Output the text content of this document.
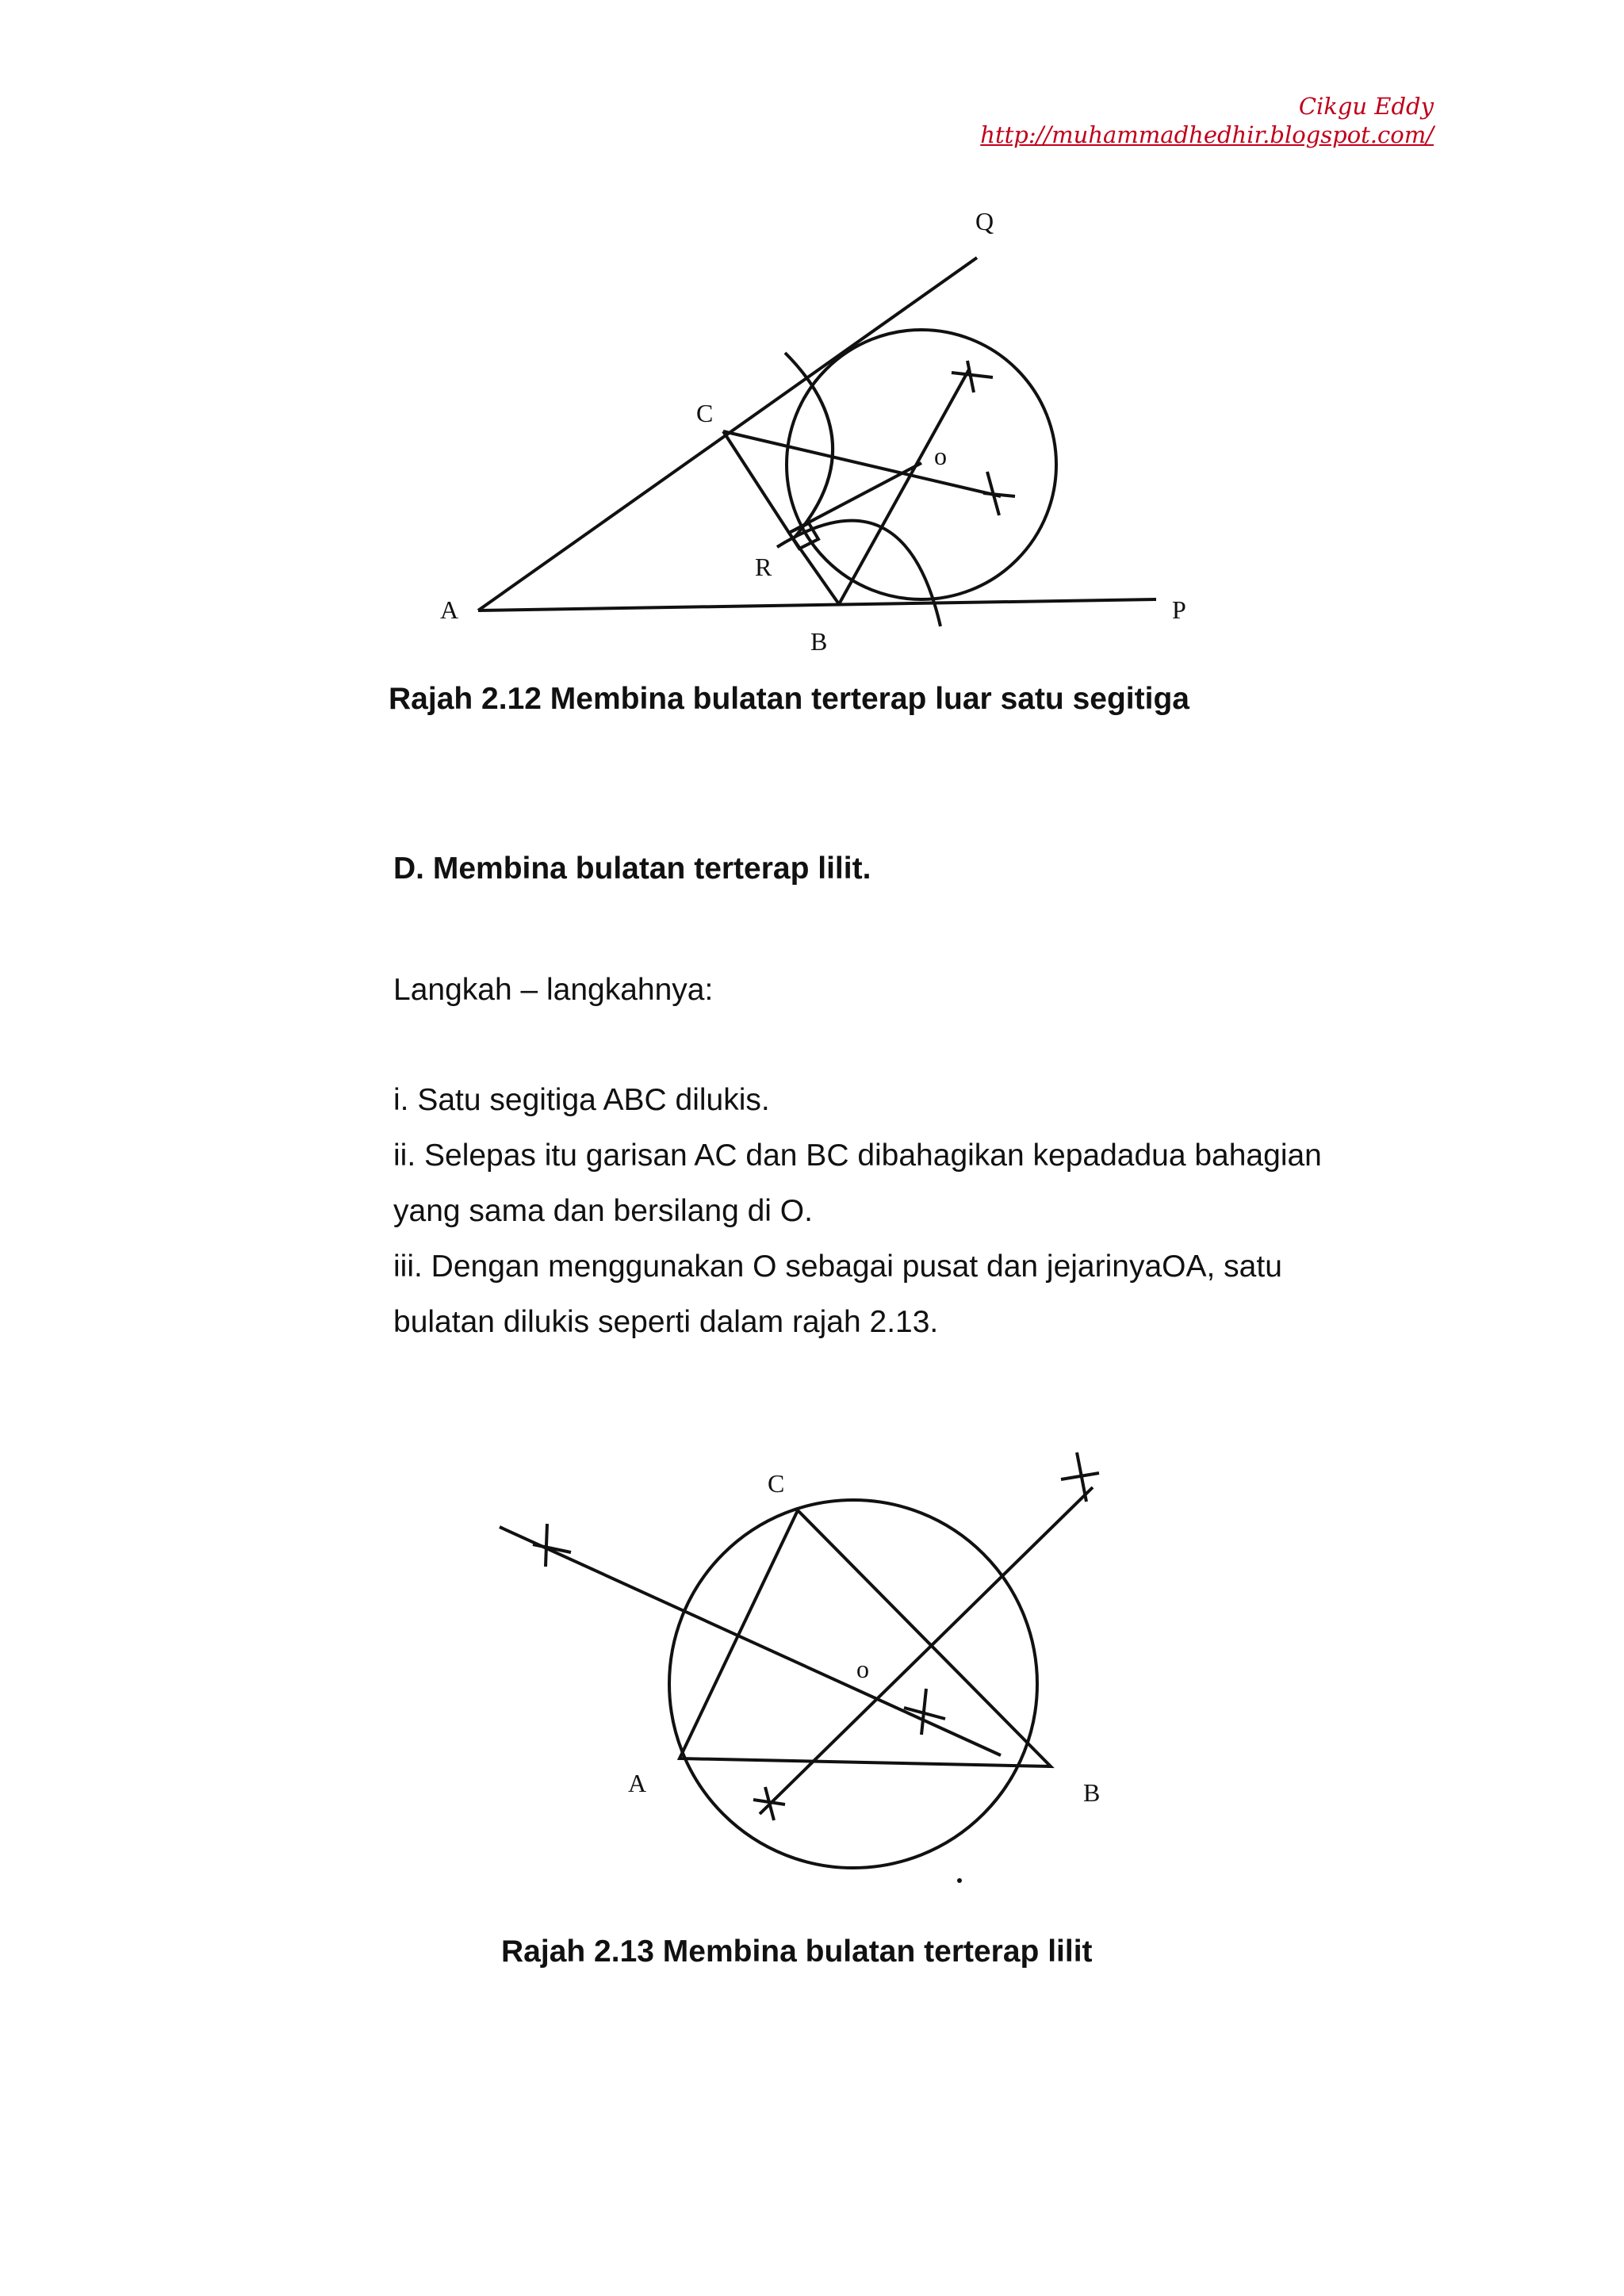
Cikgu Eddy
http://muhammadhedhir.blogspot.com/
Q
C
o
R
A
B
P
Rajah 2.12 Membina bulatan terterap luar satu segitiga
D. Membina bulatan terterap lilit.
Langkah – langkahnya:
i. Satu segitiga ABC dilukis.
ii. Selepas itu garisan AC dan BC dibahagikan kepadadua bahagian
yang sama dan bersilang di O.
iii. Dengan menggunakan O sebagai pusat dan jejarinyaOA, satu
bulatan dilukis seperti dalam rajah 2.13.
C
o
A	B
Rajah 2.13 Membina bulatan terterap lilit
